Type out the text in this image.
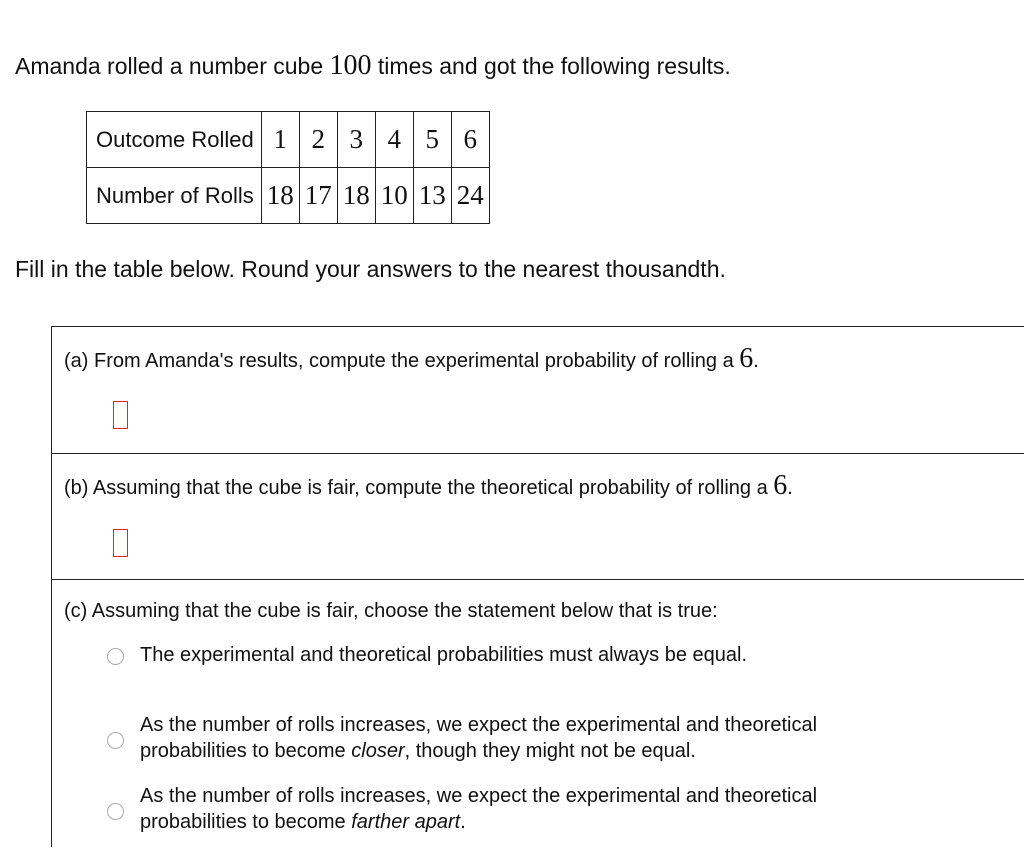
Amanda rolled a number cube 100 times and got the following results.
Outcome Rolled	1	2	3	4	5	6
Number of Rolls	18	17	18	10	13	24
Fill in the table below. Round your answers to the nearest thousandth.
(a) From Amanda's results, compute the experimental probability of rolling a 6.
(b) Assuming that the cube is fair, compute the theoretical probability of rolling a 6.
(c) Assuming that the cube is fair, choose the statement below that is true:
The experimental and theoretical probabilities must always be equal.
As the number of rolls increases, we expect the experimental and theoretical
probabilities to become closer, though they might not be equal.
As the number of rolls increases, we expect the experimental and theoretical
probabilities to become farther apart.
